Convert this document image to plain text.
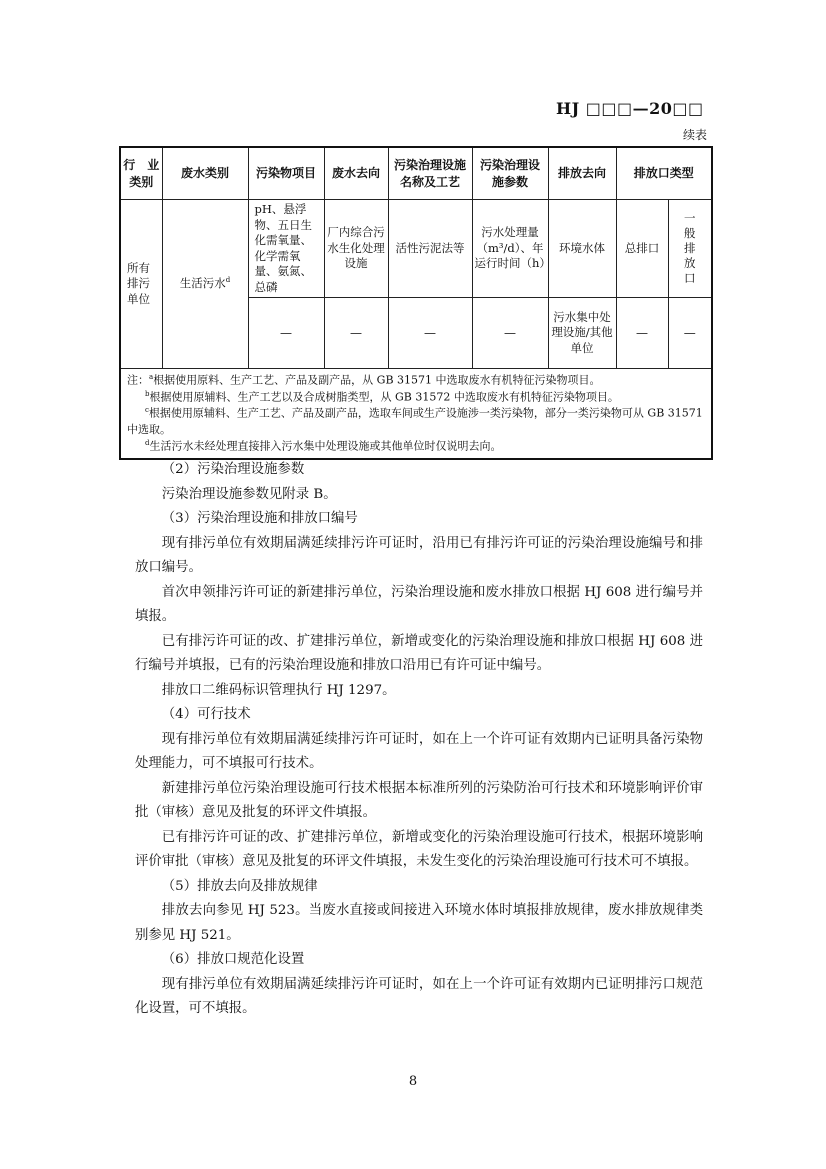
HJ □□□—20□□
续表
行　业类别	废水类别	污染物项目	废水去向	污染治理设施名称及工艺	污染治理设施参数	排放去向	排放口类型	
所有排污单位	生活污水$^d$	pH、悬浮物、五日生化需氧量、化学需氧量、氨氮、总磷	厂内综合污水生化处理设施	活性污泥法等	污水处理量（m³/d）、年运行时间（h）	环境水体	总排口	一般排放口

		—	—	—	—	污水集中处理设施/其他单位	—	—

注：$^a$根据使用原料、生产工艺、产品及副产品，从 GB 31571 中选取废水有机特征污染物项目。
$^b$根据使用原辅料、生产工艺以及合成树脂类型，从 GB 31572 中选取废水有机特征污染物项目。
$^c$根据使用原辅料、生产工艺、产品及副产品，选取车间或生产设施涉一类污染物，部分一类污染物可从 GB 31571 中选取。
$^d$生活污水未经处理直接排入污水集中处理设施或其他单位时仅说明去向。								

（2）污染治理设施参数

污染治理设施参数见附录 B。

（3）污染治理设施和排放口编号

现有排污单位有效期届满延续排污许可证时，沿用已有排污许可证的污染治理设施编号和排放口编号。

首次申领排污许可证的新建排污单位，污染治理设施和废水排放口根据 HJ 608 进行编号并填报。

已有排污许可证的改、扩建排污单位，新增或变化的污染治理设施和排放口根据 HJ 608 进行编号并填报，已有的污染治理设施和排放口沿用已有许可证中编号。

排放口二维码标识管理执行 HJ 1297。

（4）可行技术

现有排污单位有效期届满延续排污许可证时，如在上一个许可证有效期内已证明具备污染物处理能力，可不填报可行技术。

新建排污单位污染治理设施可行技术根据本标准所列的污染防治可行技术和环境影响评价审批（审核）意见及批复的环评文件填报。

已有排污许可证的改、扩建排污单位，新增或变化的污染治理设施可行技术，根据环境影响评价审批（审核）意见及批复的环评文件填报，未发生变化的污染治理设施可行技术可不填报。

（5）排放去向及排放规律

排放去向参见 HJ 523。当废水直接或间接进入环境水体时填报排放规律，废水排放规律类别参见 HJ 521。

（6）排放口规范化设置

现有排污单位有效期届满延续排污许可证时，如在上一个许可证有效期内已证明排污口规范化设置，可不填报。

8
